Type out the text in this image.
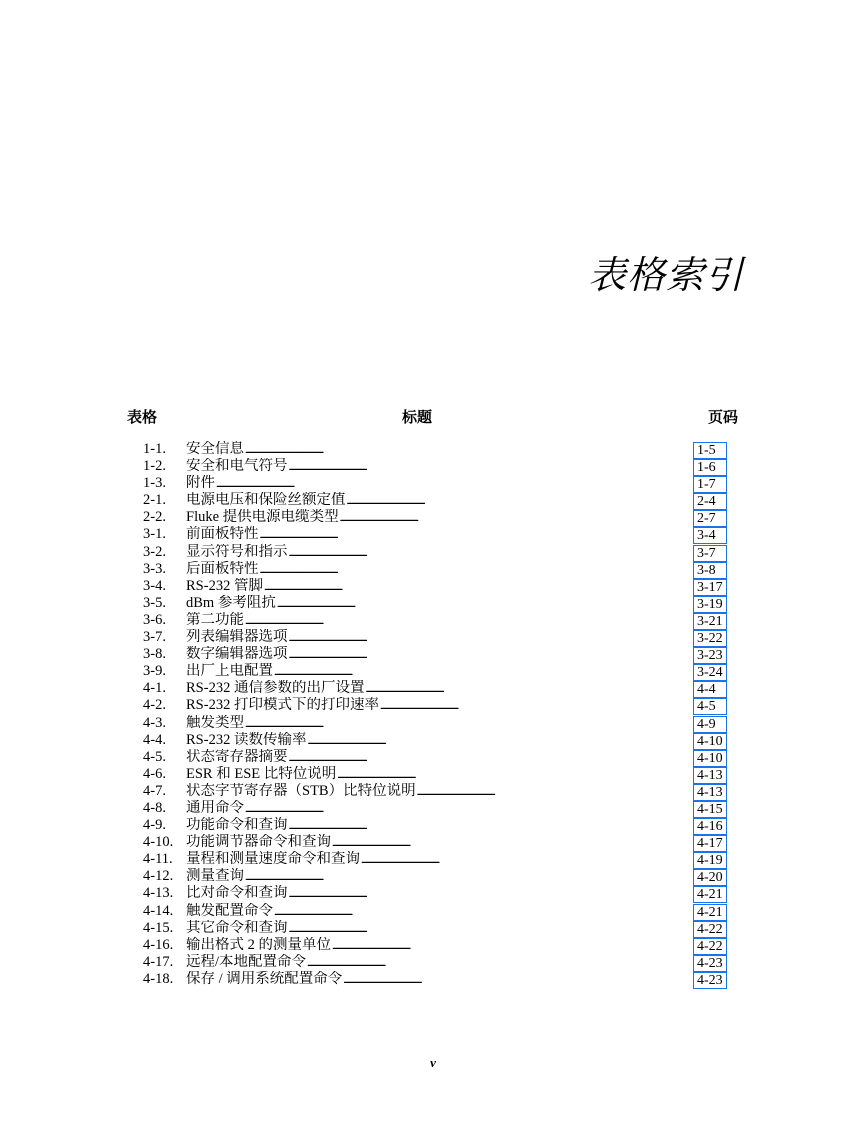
表格索引
表格	标题	页码
1-1.	安全信息 . . .	1-5
1-2.	安全和电气符号 . . .	1-6
1-3.	附件 . . .	1-7
2-1.	电源电压和保险丝额定值 . . .	2-4
2-2.	Fluke 提供电源电缆类型 . . .	2-7
3-1.	前面板特性 . . .	3-4
3-2.	显示符号和指示 . . .	3-7
3-3.	后面板特性 . . .	3-8
3-4.	RS-232 管脚 . . .	3-17
3-5.	dBm 参考阻抗 . . .	3-19
3-6.	第二功能 . . .	3-21
3-7.	列表编辑器选项 . . .	3-22
3-8.	数字编辑器选项 . . .	3-23
3-9.	出厂上电配置 . . .	3-24
4-1.	RS-232 通信参数的出厂设置 . . .	4-4
4-2.	RS-232 打印模式下的打印速率 . . .	4-5
4-3.	触发类型 . . .	4-9
4-4.	RS-232 读数传输率 . . .	4-10
4-5.	状态寄存器摘要 . . .	4-10
4-6.	ESR 和 ESE 比特位说明 . . .	4-13
4-7.	状态字节寄存器（STB）比特位说明 . . .	4-13
4-8.	通用命令 . . .	4-15
4-9.	功能命令和查询 . . .	4-16
4-10. 功能调节器命令和查询 . . .	4-17
4-11. 量程和测量速度命令和查询 . . .	4-19
4-12. 测量查询 . . .	4-20
4-13. 比对命令和查询 . . .	4-21
4-14. 触发配置命令 . . .	4-21
4-15. 其它命令和查询 . . .	4-22
4-16. 输出格式 2 的测量单位 . . .	4-22
4-17. 远程/本地配置命令 . . .	4-23
4-18. 保存 / 调用系统配置命令 . . .	4-23
v
